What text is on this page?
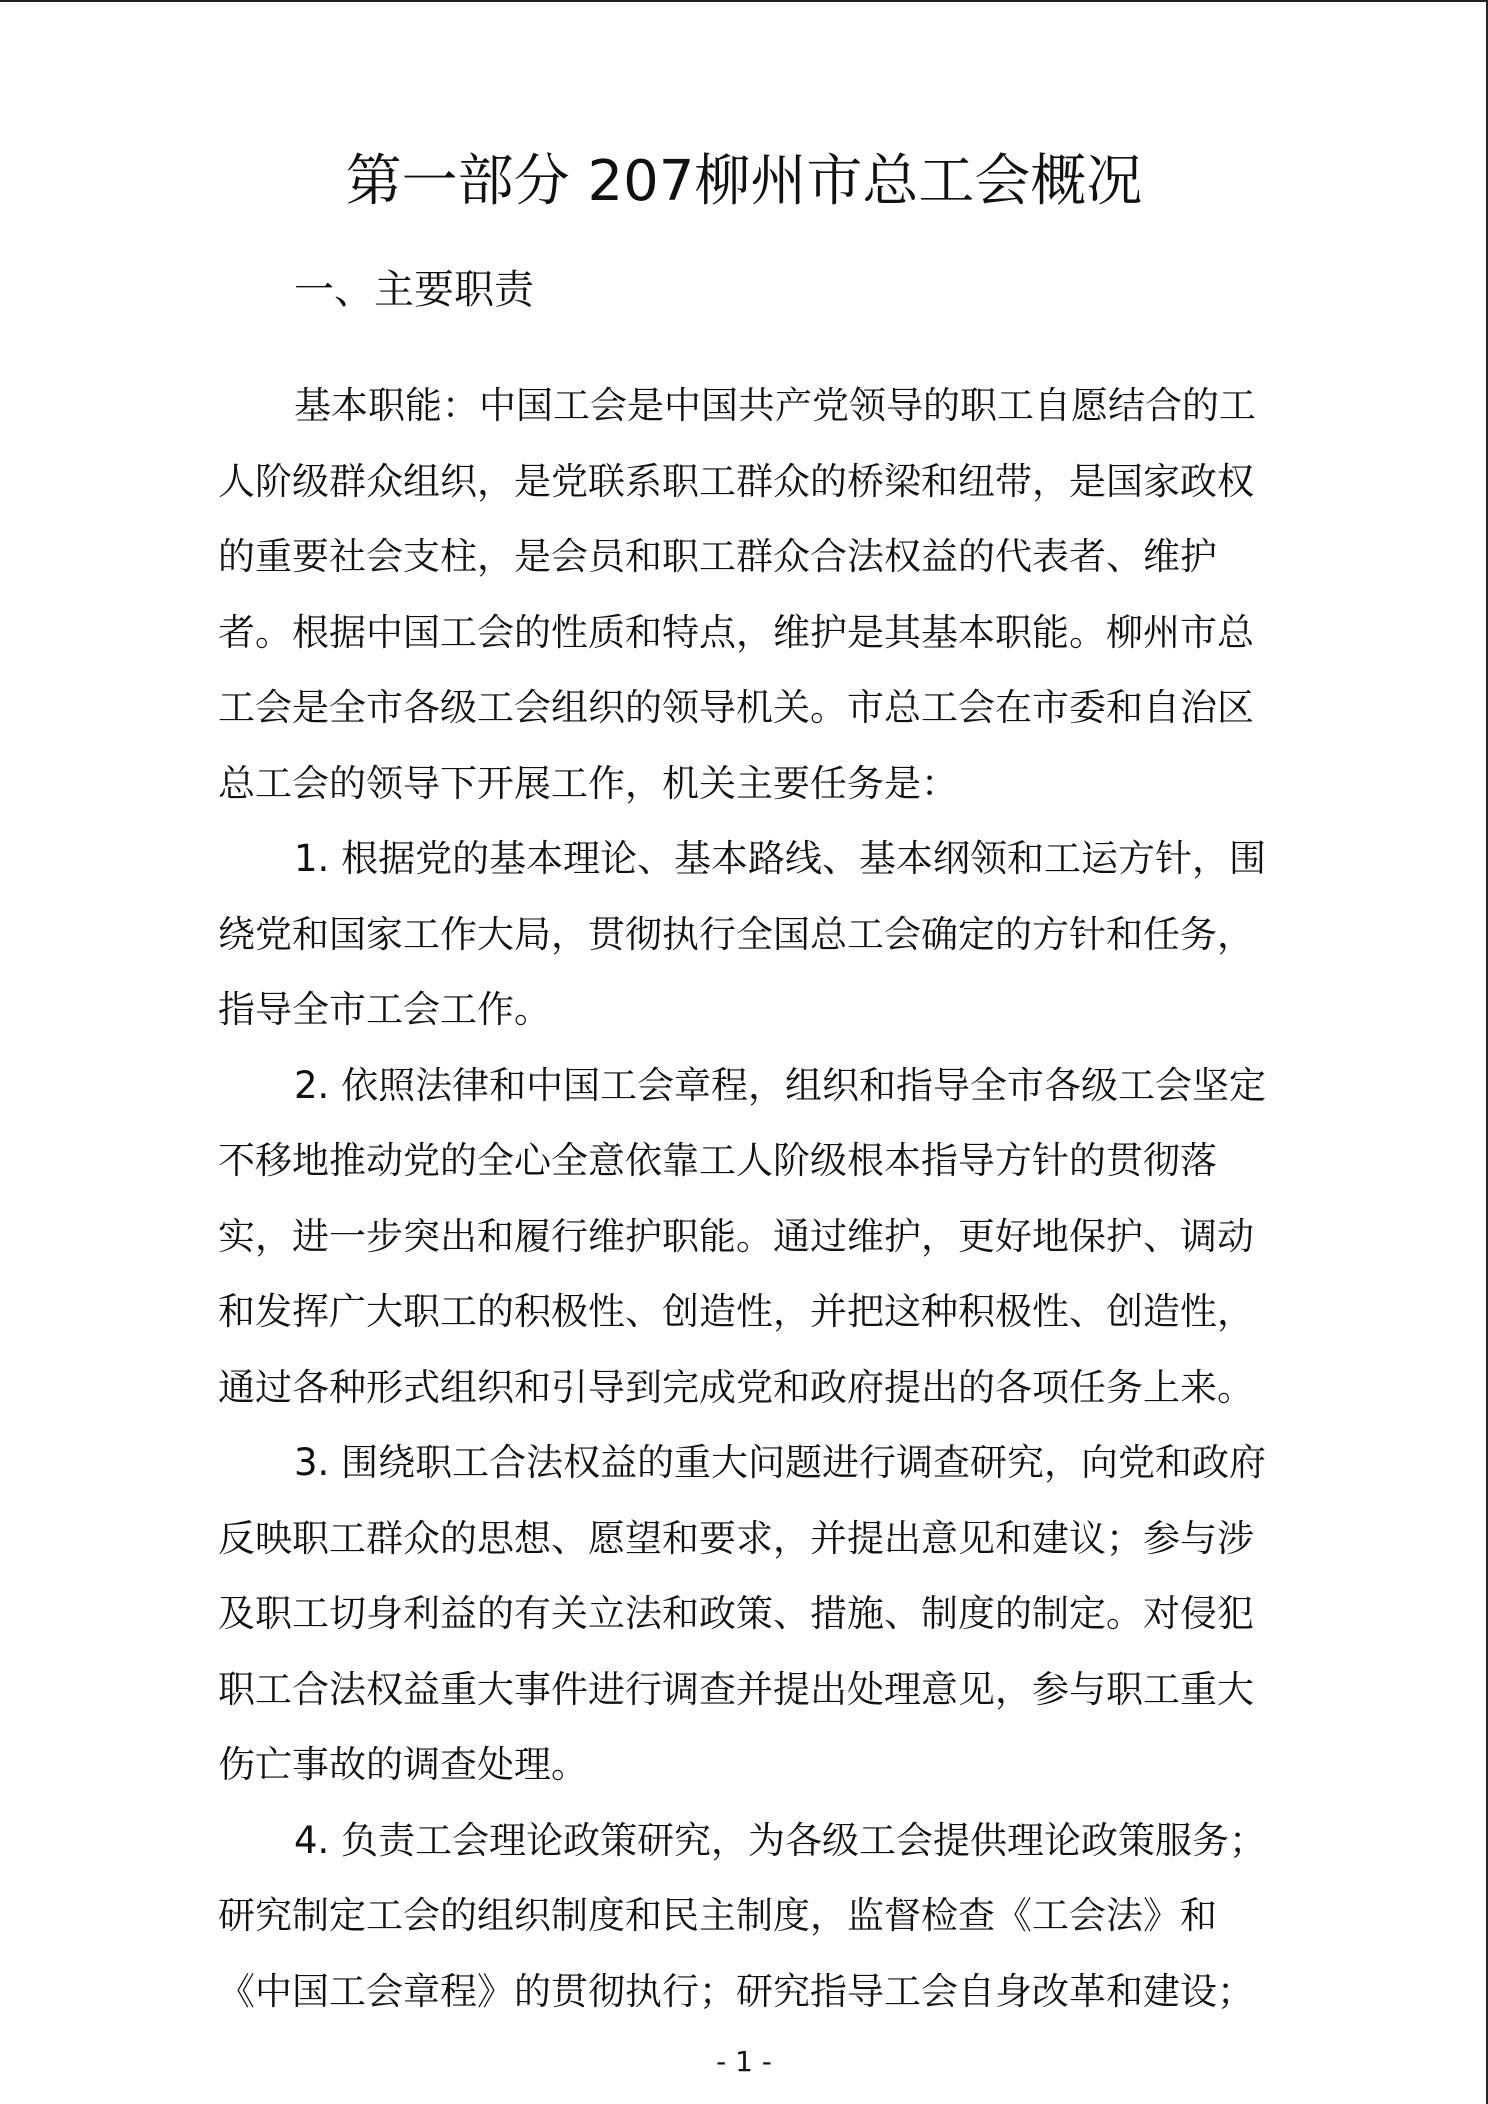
第一部分 207柳州市总工会概况
一、主要职责
基本职能：中国工会是中国共产党领导的职工自愿结合的工
人阶级群众组织，是党联系职工群众的桥梁和纽带，是国家政权
的重要社会支柱，是会员和职工群众合法权益的代表者、维护
者。根据中国工会的性质和特点，维护是其基本职能。柳州市总
工会是全市各级工会组织的领导机关。市总工会在市委和自治区
总工会的领导下开展工作，机关主要任务是：
1. 根据党的基本理论、基本路线、基本纲领和工运方针，围
绕党和国家工作大局，贯彻执行全国总工会确定的方针和任务，
指导全市工会工作。
2. 依照法律和中国工会章程，组织和指导全市各级工会坚定
不移地推动党的全心全意依靠工人阶级根本指导方针的贯彻落
实，进一步突出和履行维护职能。通过维护，更好地保护、调动
和发挥广大职工的积极性、创造性，并把这种积极性、创造性，
通过各种形式组织和引导到完成党和政府提出的各项任务上来。
3. 围绕职工合法权益的重大问题进行调查研究，向党和政府
反映职工群众的思想、愿望和要求，并提出意见和建议；参与涉
及职工切身利益的有关立法和政策、措施、制度的制定。对侵犯
职工合法权益重大事件进行调查并提出处理意见，参与职工重大
伤亡事故的调查处理。
4. 负责工会理论政策研究，为各级工会提供理论政策服务；
研究制定工会的组织制度和民主制度，监督检查《工会法》和
《中国工会章程》的贯彻执行；研究指导工会自身改革和建设；
- 1 -
